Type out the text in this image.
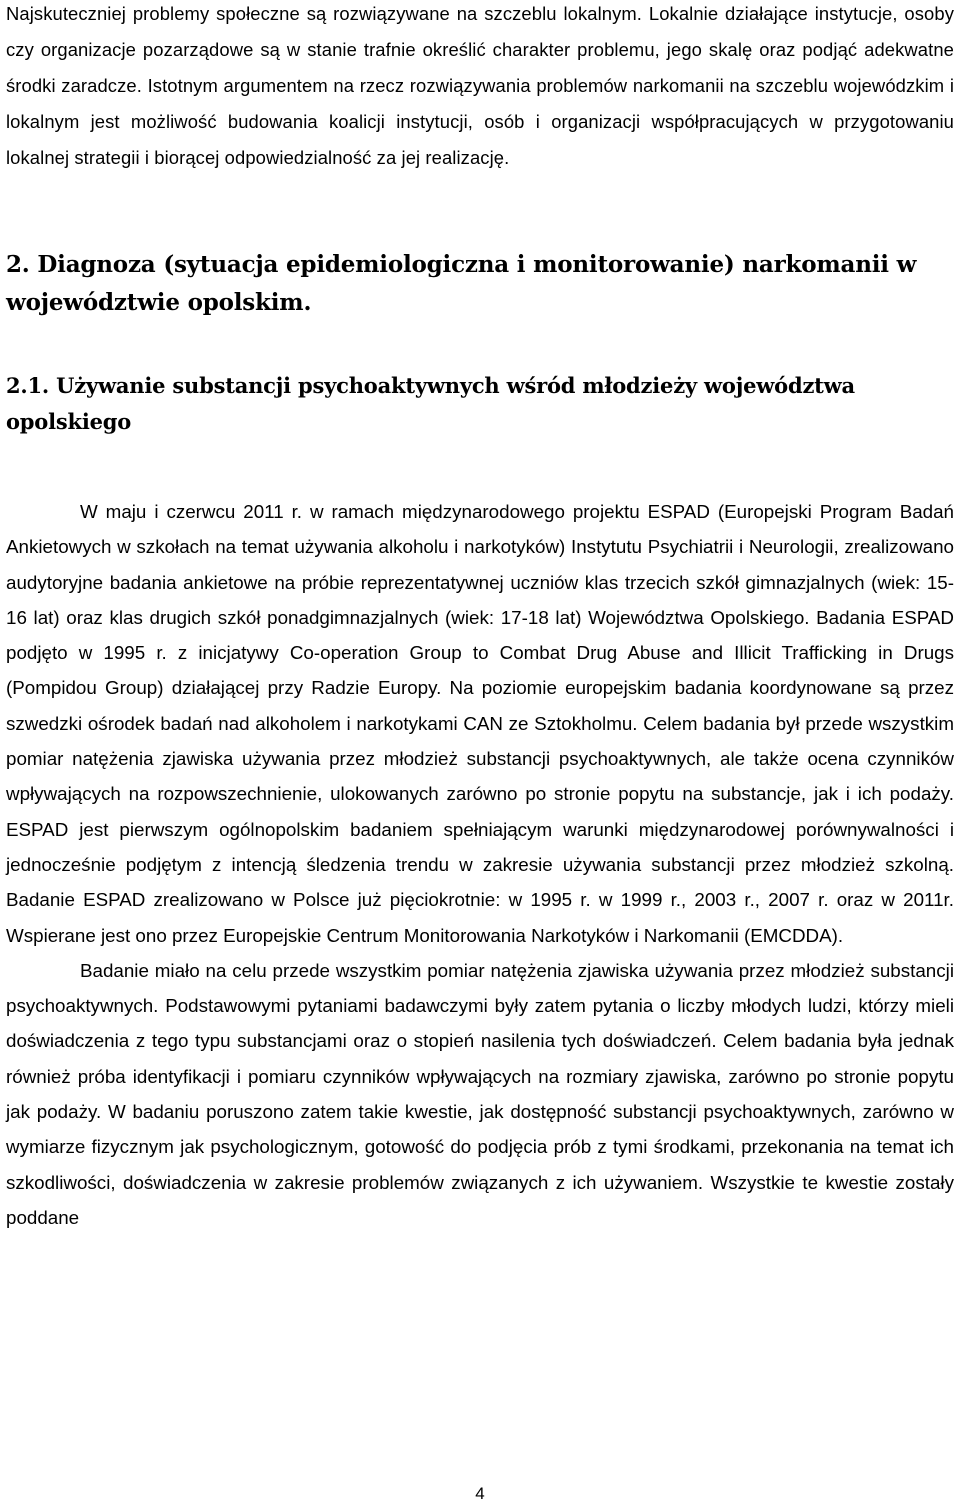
Najskuteczniej problemy społeczne są rozwiązywane na szczeblu lokalnym. Lokalnie działające instytucje, osoby czy organizacje pozarządowe są w stanie trafnie określić charakter problemu, jego skalę oraz podjąć adekwatne środki zaradcze. Istotnym argumentem na rzecz rozwiązywania problemów narkomanii na szczeblu wojewódzkim i lokalnym jest możliwość budowania koalicji instytucji, osób i organizacji współpracujących w przygotowaniu lokalnej strategii i biorącej odpowiedzialność za jej realizację.

2. Diagnoza (sytuacja epidemiologiczna i monitorowanie) narkomanii w województwie opolskim.
2.1. Używanie substancji psychoaktywnych wśród młodzieży województwa opolskiego

W maju i czerwcu 2011 r. w ramach międzynarodowego projektu ESPAD (Europejski Program Badań Ankietowych w szkołach na temat używania alkoholu i narkotyków) Instytutu Psychiatrii i Neurologii, zrealizowano audytoryjne badania ankietowe na próbie reprezentatywnej uczniów klas trzecich szkół gimnazjalnych (wiek: 15-16 lat) oraz klas drugich szkół ponadgimnazjalnych (wiek: 17-18 lat) Województwa Opolskiego. Badania ESPAD podjęto w 1995 r. z inicjatywy Co-operation Group to Combat Drug Abuse and Illicit Trafficking in Drugs (Pompidou Group) działającej przy Radzie Europy. Na poziomie europejskim badania koordynowane są przez szwedzki ośrodek badań nad alkoholem i narkotykami CAN ze Sztokholmu. Celem badania był przede wszystkim pomiar natężenia zjawiska używania przez młodzież substancji psychoaktywnych, ale także ocena czynników wpływających na rozpowszechnienie, ulokowanych zarówno po stronie popytu na substancje, jak i ich podaży. ESPAD jest pierwszym ogólnopolskim badaniem spełniającym warunki międzynarodowej porównywalności i jednocześnie podjętym z intencją śledzenia trendu w zakresie używania substancji przez młodzież szkolną. Badanie ESPAD zrealizowano w Polsce już pięciokrotnie: w 1995 r. w 1999 r., 2003 r., 2007 r. oraz w 2011r. Wspierane jest ono przez Europejskie Centrum Monitorowania Narkotyków i Narkomanii (EMCDDA).

Badanie miało na celu przede wszystkim pomiar natężenia zjawiska używania przez młodzież substancji psychoaktywnych. Podstawowymi pytaniami badawczymi były zatem pytania o liczby młodych ludzi, którzy mieli doświadczenia z tego typu substancjami oraz o stopień nasilenia tych doświadczeń. Celem badania była jednak również próba identyfikacji i pomiaru czynników wpływających na rozmiary zjawiska, zarówno po stronie popytu jak podaży. W badaniu poruszono zatem takie kwestie, jak dostępność substancji psychoaktywnych, zarówno w wymiarze fizycznym jak psychologicznym, gotowość do podjęcia prób z tymi środkami, przekonania na temat ich szkodliwości, doświadczenia w zakresie problemów związanych z ich używaniem. Wszystkie te kwestie zostały poddane

4
